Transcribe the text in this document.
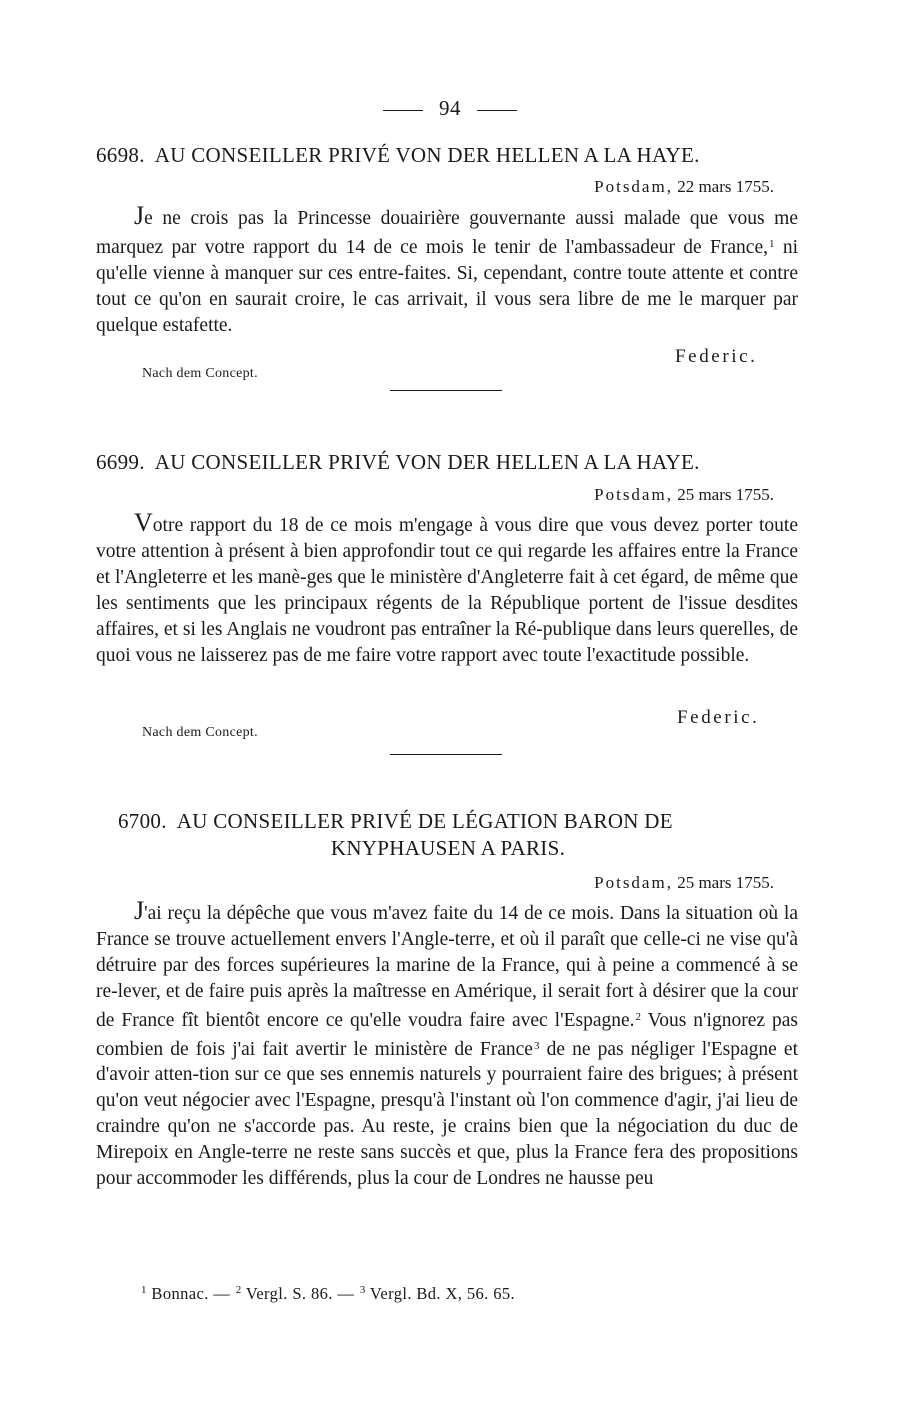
94
6698. AU CONSEILLER PRIVÉ VON DER HELLEN A LA HAYE.
Potsdam, 22 mars 1755.
Je ne crois pas la Princesse douairière gouvernante aussi malade que vous me marquez par votre rapport du 14 de ce mois le tenir de l'ambassadeur de France,$^1$ ni qu'elle vienne à manquer sur ces entre-faites. Si, cependant, contre toute attente et contre tout ce qu'on en saurait croire, le cas arrivait, il vous sera libre de me le marquer par quelque estafette.
Federic.
Nach dem Concept.
6699. AU CONSEILLER PRIVÉ VON DER HELLEN A LA HAYE.
Potsdam, 25 mars 1755.
Votre rapport du 18 de ce mois m'engage à vous dire que vous devez porter toute votre attention à présent à bien approfondir tout ce qui regarde les affaires entre la France et l'Angleterre et les manè-ges que le ministère d'Angleterre fait à cet égard, de même que les sentiments que les principaux régents de la République portent de l'issue desdites affaires, et si les Anglais ne voudront pas entraîner la Ré-publique dans leurs querelles, de quoi vous ne laisserez pas de me faire votre rapport avec toute l'exactitude possible.
Federic.
Nach dem Concept.
6700. AU CONSEILLER PRIVÉ DE LÉGATION BARON DE
KNYPHAUSEN A PARIS.
Potsdam, 25 mars 1755.
J'ai reçu la dépêche que vous m'avez faite du 14 de ce mois. Dans la situation où la France se trouve actuellement envers l'Angle-terre, et où il paraît que celle-ci ne vise qu'à détruire par des forces supérieures la marine de la France, qui à peine a commencé à se re-lever, et de faire puis après la maîtresse en Amérique, il serait fort à désirer que la cour de France fît bientôt encore ce qu'elle voudra faire avec l'Espagne.$^2$ Vous n'ignorez pas combien de fois j'ai fait avertir le ministère de France$^3$ de ne pas négliger l'Espagne et d'avoir atten-tion sur ce que ses ennemis naturels y pourraient faire des brigues; à présent qu'on veut négocier avec l'Espagne, presqu'à l'instant où l'on commence d'agir, j'ai lieu de craindre qu'on ne s'accorde pas. Au reste, je crains bien que la négociation du duc de Mirepoix en Angle-terre ne reste sans succès et que, plus la France fera des propositions pour accommoder les différends, plus la cour de Londres ne hausse peu
$^1$ Bonnac. — $^2$ Vergl. S. 86. — $^3$ Vergl. Bd. X, 56. 65.
